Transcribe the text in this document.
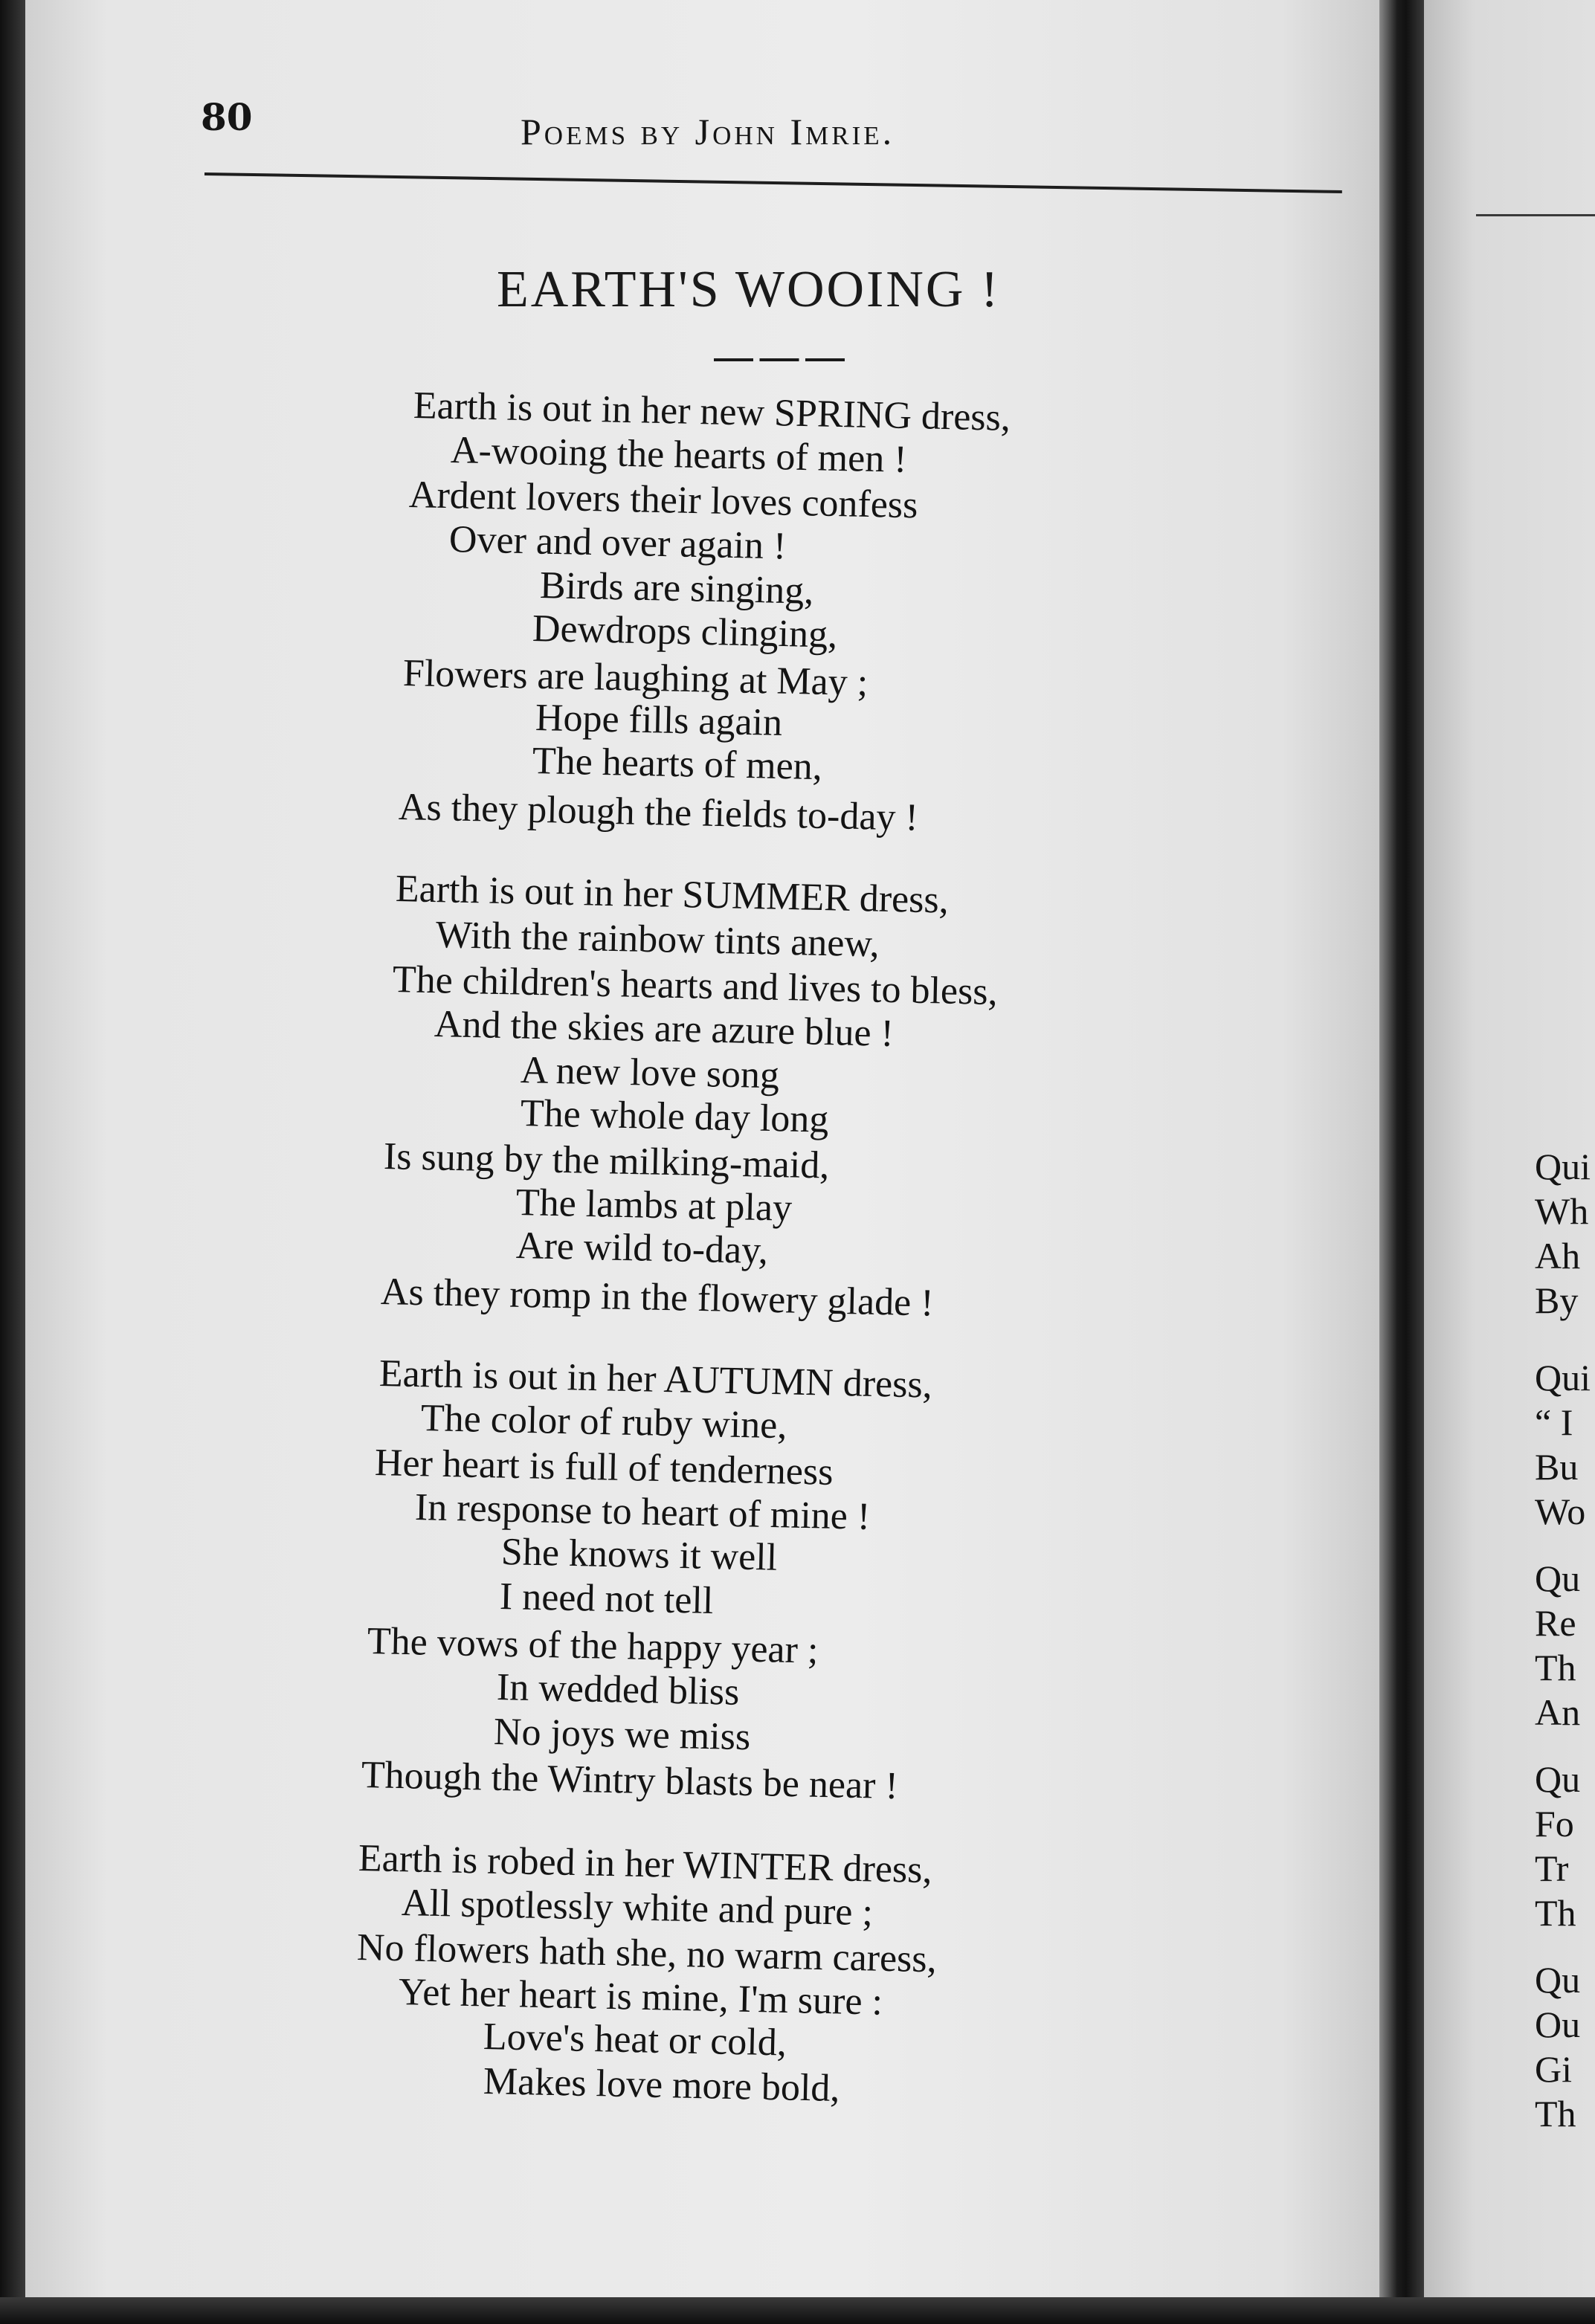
80	Poems by John Imrie.
EARTH'S WOOING !
Earth is out in her new SPRING dress,
A-wooing the hearts of men !
Ardent lovers their loves confess
Over and over again !
Birds are singing,
Dewdrops clinging,
Flowers are laughing at May ;
Hope fills again
The hearts of men,
As they plough the fields to-day !
Earth is out in her SUMMER dress,
With the rainbow tints anew,
The children's hearts and lives to bless,
And the skies are azure blue !
A new love song
The whole day long
Is sung by the milking-maid,
The lambs at play
Are wild to-day,
As they romp in the flowery glade !
Earth is out in her AUTUMN dress,
The color of ruby wine,
Her heart is full of tenderness
In response to heart of mine !
She knows it well
I need not tell
The vows of the happy year ;
In wedded bliss
No joys we miss
Though the Wintry blasts be near !
Earth is robed in her WINTER dress,
All spotlessly white and pure ;
No flowers hath she, no warm caress,
Yet her heart is mine, I'm sure :
Love's heat or cold,
Makes love more bold,
Qui
Wh
Ah
By
Qui
“ I
Bu
Wo
Qu
Re
Th
An
Qu
Fo
Tr
Th
Qu
Ou
Gi
Th
